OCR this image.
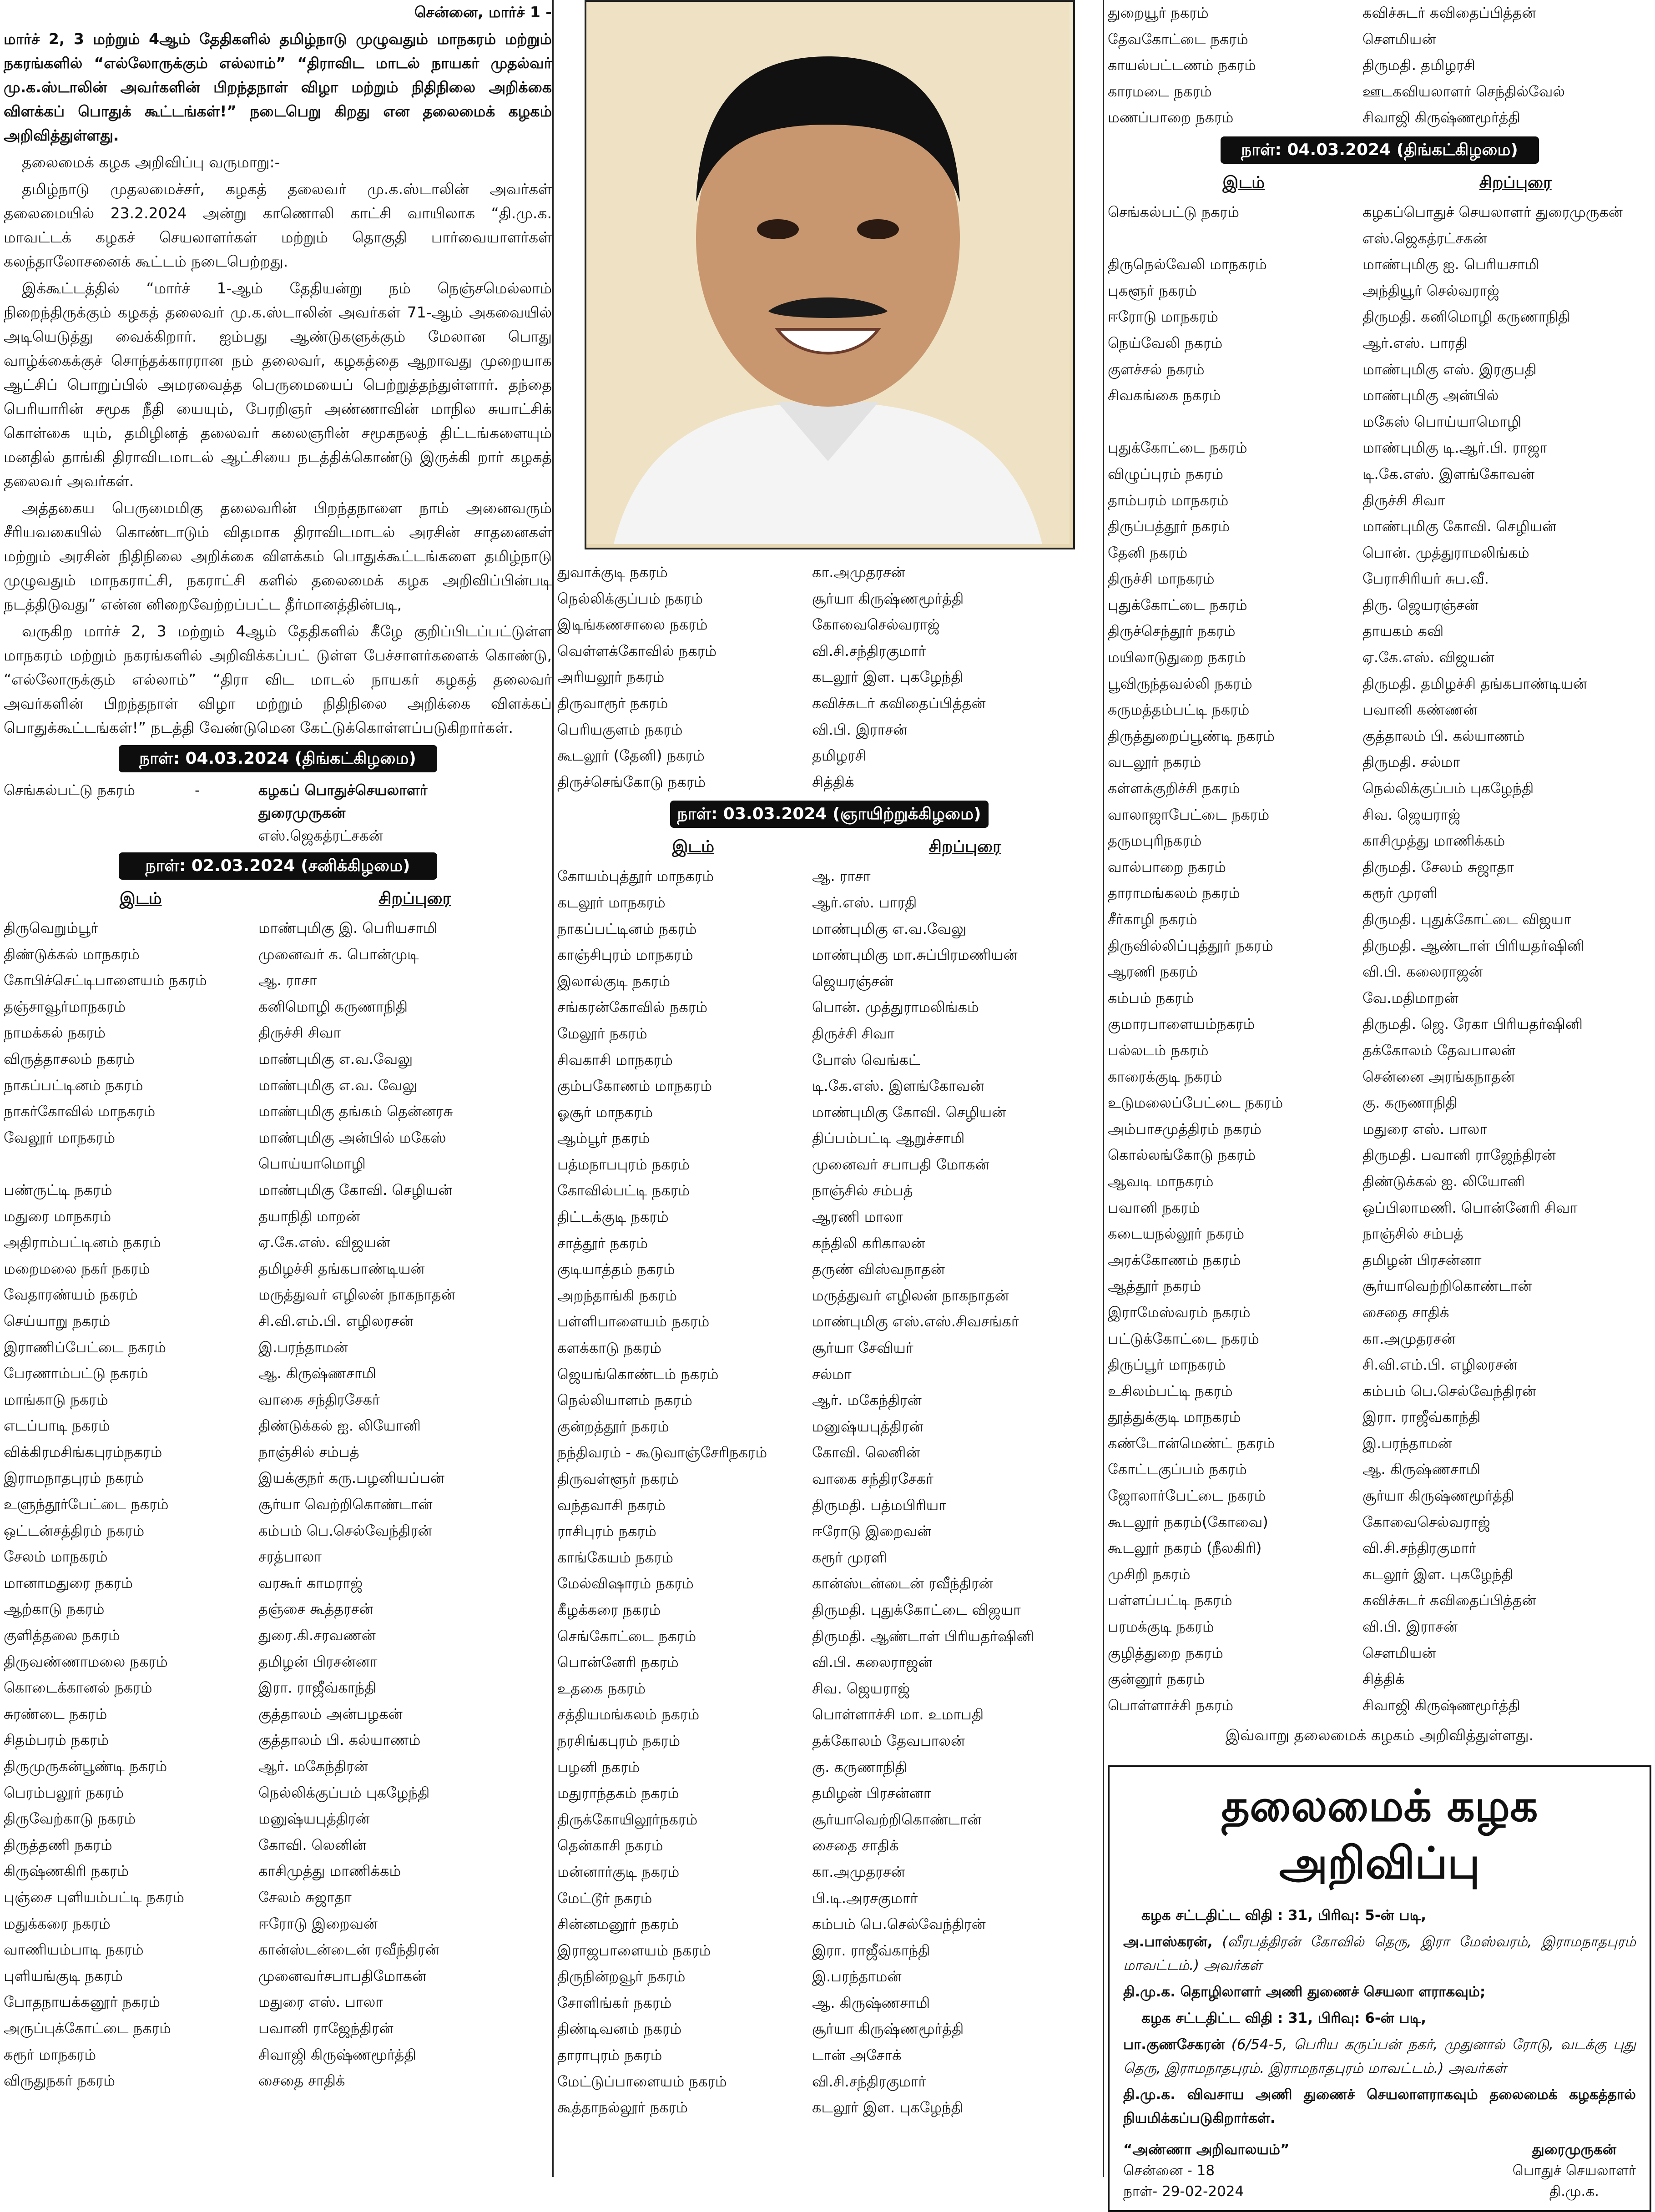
சென்னை, மார்ச் 1 -

மார்ச் 2, 3 மற்றும் 4ஆம் தேதிகளில் தமிழ்நாடு முழுவதும் மாநகரம் மற்றும் நகரங்களில் “எல்லோருக்கும் எல்லாம்” “திராவிட மாடல் நாயகர் முதல்வர் மு.க.ஸ்டாலின் அவர்களின் பிறந்தநாள் விழா மற்றும் நிதிநிலை அறிக்கை விளக்கப் பொதுக் கூட்டங்கள்!” நடைபெறு கிறது என தலைமைக் கழகம் அறிவித்துள்ளது.

தலைமைக் கழக அறிவிப்பு வருமாறு:-

தமிழ்நாடு முதலமைச்சர், கழகத் தலைவர் மு.க.ஸ்டாலின் அவர்கள் தலைமையில் 23.2.2024 அன்று காணொலி காட்சி வாயிலாக “தி.மு.க. மாவட்டக் கழகச் செயலாளர்கள் மற்றும் தொகுதி பார்வையாளர்கள் கலந்தாலோசனைக் கூட்டம் நடைபெற்றது.

இக்கூட்டத்தில் “மார்ச் 1-ஆம் தேதியன்று நம் நெஞ்சமெல்லாம் நிறைந்திருக்கும் கழகத் தலைவர் மு.க.ஸ்டாலின் அவர்கள் 71-ஆம் அகவையில் அடியெடுத்து வைக்கிறார். ஐம்பது ஆண்டுகளுக்கும் மேலான பொது வாழ்க்கைக்குச் சொந்தக்காரரான நம் தலைவர், கழகத்தை ஆறாவது முறையாக ஆட்சிப் பொறுப்பில் அமரவைத்த பெருமையைப் பெற்றுத்தந்துள்ளார். தந்தை பெரியாரின் சமூக நீதி யையும், பேரறிஞர் அண்ணாவின் மாநில சுயாட்சிக் கொள்கை யும், தமிழினத் தலைவர் கலைஞரின் சமூகநலத் திட்டங்களையும் மனதில் தாங்கி திராவிடமாடல் ஆட்சியை நடத்திக்கொண்டு இருக்கி றார் கழகத் தலைவர் அவர்கள்.

அத்தகைய பெருமைமிகு தலைவரின் பிறந்தநாளை நாம் அனைவரும் சீரியவகையில் கொண்டாடும் விதமாக திராவிடமாடல் அரசின் சாதனைகள் மற்றும் அரசின் நிதிநிலை அறிக்கை விளக்கம் பொதுக்கூட்டங்களை தமிழ்நாடு முழுவதும் மாநகராட்சி, நகராட்சி களில் தலைமைக் கழக அறிவிப்பின்படி நடத்திடுவது” என்ன னிறைவேற்றப்பட்ட தீர்மானத்தின்படி,

வருகிற மார்ச் 2, 3 மற்றும் 4ஆம் தேதிகளில் கீழே குறிப்பிடப்பட்டுள்ள மாநகரம் மற்றும் நகரங்களில் அறிவிக்கப்பட் டுள்ள பேச்சாளர்களைக் கொண்டு, “எல்லோருக்கும் எல்லாம்” “திரா விட மாடல் நாயகர் கழகத் தலைவர் அவர்களின் பிறந்தநாள் விழா மற்றும் நிதிநிலை அறிக்கை விளக்கப் பொதுக்கூட்டங்கள்!” நடத்தி வேண்டுமென கேட்டுக்கொள்ளப்படுகிறார்கள்.

நாள்: 04.03.2024 (திங்கட்கிழமை)
செங்கல்பட்டு நகரம்	-	கழகப் பொதுச்செயலாளர்
துரைமுருகன்
எஸ்.ஜெகத்ரட்சகன்
நாள்: 02.03.2024 (சனிக்கிழமை)
இடம்	சிறப்புரை
திருவெறும்பூர்	மாண்புமிகு இ. பெரியசாமி
திண்டுக்கல் மாநகரம்	முனைவர் க. பொன்முடி
கோபிச்செட்டிபாளையம் நகரம்	ஆ. ராசா
தஞ்சாவூர்மாநகரம்	கனிமொழி கருணாநிதி
நாமக்கல் நகரம்	திருச்சி சிவா
விருத்தாசலம் நகரம்	மாண்புமிகு எ.வ.வேலு
நாகப்பட்டினம் நகரம்	மாண்புமிகு எ.வ. வேலு
நாகர்கோவில் மாநகரம்	மாண்புமிகு தங்கம் தென்னரசு
வேலூர் மாநகரம்	மாண்புமிகு அன்பில் மகேஸ்
பொய்யாமொழி
பண்ருட்டி நகரம்	மாண்புமிகு கோவி. செழியன்
மதுரை மாநகரம்	தயாநிதி மாறன்
அதிராம்பட்டினம் நகரம்	ஏ.கே.எஸ். விஜயன்
மறைமலை நகர் நகரம்	தமிழச்சி தங்கபாண்டியன்
வேதாரண்யம் நகரம்	மருத்துவர் எழிலன் நாகநாதன்
செய்யாறு நகரம்	சி.வி.எம்.பி. எழிலரசன்
இராணிப்பேட்டை நகரம்	இ.பரந்தாமன்
பேரணாம்பட்டு நகரம்	ஆ. கிருஷ்ணசாமி
மாங்காடு நகரம்	வாகை சந்திரசேகர்
எடப்பாடி நகரம்	திண்டுக்கல் ஐ. லியோனி
விக்கிரமசிங்கபுரம்நகரம்	நாஞ்சில் சம்பத்
இராமநாதபுரம் நகரம்	இயக்குநர் கரு.பழனியப்பன்
உளுந்தூர்பேட்டை நகரம்	சூர்யா வெற்றிகொண்டான்
ஒட்டன்சத்திரம் நகரம்	கம்பம் பெ.செல்வேந்திரன்
சேலம் மாநகரம்	சரத்பாலா
மானாமதுரை நகரம்	வரகூர் காமராஜ்
ஆற்காடு நகரம்	தஞ்சை கூத்தரசன்
குளித்தலை நகரம்	துரை.கி.சரவணன்
திருவண்ணாமலை நகரம்	தமிழன் பிரசன்னா
கொடைக்கானல் நகரம்	இரா. ராஜீவ்காந்தி
சுரண்டை நகரம்	குத்தாலம் அன்பழகன்
சிதம்பரம் நகரம்	குத்தாலம் பி. கல்யாணம்
திருமுருகன்பூண்டி நகரம்	ஆர். மகேந்திரன்
பெரம்பலூர் நகரம்	நெல்லிக்குப்பம் புகழேந்தி
திருவேற்காடு நகரம்	மனுஷ்யபுத்திரன்
திருத்தணி நகரம்	கோவி. லெனின்
கிருஷ்ணகிரி நகரம்	காசிமுத்து மாணிக்கம்
புஞ்சை புளியம்பட்டி நகரம்	சேலம் சுஜாதா
மதுக்கரை நகரம்	ஈரோடு இறைவன்
வாணியம்பாடி நகரம்	கான்ஸ்டன்டைன் ரவீந்திரன்
புளியங்குடி நகரம்	முனைவர்சபாபதிமோகன்
போதநாயக்கனூர் நகரம்	மதுரை எஸ். பாலா
அருப்புக்கோட்டை நகரம்	பவானி ராஜேந்திரன்
கரூர் மாநகரம்	சிவாஜி கிருஷ்ணமூர்த்தி
விருதுநகர் நகரம்	சைதை சாதிக்
துவாக்குடி நகரம்	கா.அமுதரசன்
நெல்லிக்குப்பம் நகரம்	சூர்யா கிருஷ்ணமூர்த்தி
இடிங்கணசாலை நகரம்	கோவைசெல்வராஜ்
வெள்ளக்கோவில் நகரம்	வி.சி.சந்திரகுமார்
அரியலூர் நகரம்	கடலூர் இள. புகழேந்தி
திருவாரூர் நகரம்	கவிச்சுடர் கவிதைப்பித்தன்
பெரியகுளம் நகரம்	வி.பி. இராசன்
கூடலூர் (தேனி) நகரம்	தமிழரசி
திருச்செங்கோடு நகரம்	சித்திக்
நாள்: 03.03.2024 (ஞாயிற்றுக்கிழமை)
இடம்	சிறப்புரை
கோயம்புத்தூர் மாநகரம்	ஆ. ராசா
கடலூர் மாநகரம்	ஆர்.எஸ். பாரதி
நாகப்பட்டினம் நகரம்	மாண்புமிகு எ.வ.வேலு
காஞ்சிபுரம் மாநகரம்	மாண்புமிகு மா.சுப்பிரமணியன்
இலால்குடி நகரம்	ஜெயரஞ்சன்
சங்கரன்கோவில் நகரம்	பொன். முத்துராமலிங்கம்
மேலூர் நகரம்	திருச்சி சிவா
சிவகாசி மாநகரம்	போஸ் வெங்கட்
கும்பகோணம் மாநகரம்	டி.கே.எஸ். இளங்கோவன்
ஓசூர் மாநகரம்	மாண்புமிகு கோவி. செழியன்
ஆம்பூர் நகரம்	திப்பம்பட்டி ஆறுச்சாமி
பத்மநாபபுரம் நகரம்	முனைவர் சபாபதி மோகன்
கோவில்பட்டி நகரம்	நாஞ்சில் சம்பத்
திட்டக்குடி நகரம்	ஆரணி மாலா
சாத்தூர் நகரம்	கந்திலி கரிகாலன்
குடியாத்தம் நகரம்	தருண் விஸ்வநாதன்
அறந்தாங்கி நகரம்	மருத்துவர் எழிலன் நாகநாதன்
பள்ளிபாளையம் நகரம்	மாண்புமிகு எஸ்.எஸ்.சிவசங்கர்
களக்காடு நகரம்	சூர்யா சேவியர்
ஜெயங்கொண்டம் நகரம்	சல்மா
நெல்லியாளம் நகரம்	ஆர். மகேந்திரன்
குன்றத்தூர் நகரம்	மனுஷ்யபுத்திரன்
நந்திவரம் - கூடுவாஞ்சேரிநகரம்	கோவி. லெனின்
திருவள்ளூர் நகரம்	வாகை சந்திரசேகர்
வந்தவாசி நகரம்	திருமதி. பத்மபிரியா
ராசிபுரம் நகரம்	ஈரோடு இறைவன்
காங்கேயம் நகரம்	கரூர் முரளி
மேல்விஷாரம் நகரம்	கான்ஸ்டன்டைன் ரவீந்திரன்
கீழக்கரை நகரம்	திருமதி. புதுக்கோட்டை விஜயா
செங்கோட்டை நகரம்	திருமதி. ஆண்டாள் பிரியதர்ஷினி
பொன்னேரி நகரம்	வி.பி. கலைராஜன்
உதகை நகரம்	சிவ. ஜெயராஜ்
சத்தியமங்கலம் நகரம்	பொள்ளாச்சி மா. உமாபதி
நரசிங்கபுரம் நகரம்	தக்கோலம் தேவபாலன்
பழனி நகரம்	கு. கருணாநிதி
மதுராந்தகம் நகரம்	தமிழன் பிரசன்னா
திருக்கோயிலூர்நகரம்	சூர்யாவெற்றிகொண்டான்
தென்காசி நகரம்	சைதை சாதிக்
மன்னார்குடி நகரம்	கா.அமுதரசன்
மேட்டூர் நகரம்	பி.டி.அரசகுமார்
சின்னமனூர் நகரம்	கம்பம் பெ.செல்வேந்திரன்
இராஜபாளையம் நகரம்	இரா. ராஜீவ்காந்தி
திருநின்றவூர் நகரம்	இ.பரந்தாமன்
சோளிங்கர் நகரம்	ஆ. கிருஷ்ணசாமி
திண்டிவனம் நகரம்	சூர்யா கிருஷ்ணமூர்த்தி
தாராபுரம் நகரம்	டான் அசோக்
மேட்டுப்பாளையம் நகரம்	வி.சி.சந்திரகுமார்
கூத்தாநல்லூர் நகரம்	கடலூர் இள. புகழேந்தி
துறையூர் நகரம்	கவிச்சுடர் கவிதைப்பித்தன்
தேவகோட்டை நகரம்	சௌமியன்
காயல்பட்டணம் நகரம்	திருமதி. தமிழரசி
காரமடை நகரம்	ஊடகவியலாளர் செந்தில்வேல்
மணப்பாறை நகரம்	சிவாஜி கிருஷ்ணமூர்த்தி
நாள்: 04.03.2024 (திங்கட்கிழமை)
இடம்	சிறப்புரை
செங்கல்பட்டு நகரம்	கழகப்பொதுச் செயலாளர் துரைமுருகன்
எஸ்.ஜெகத்ரட்சகன்
திருநெல்வேலி மாநகரம்	மாண்புமிகு ஐ. பெரியசாமி
புகளூர் நகரம்	அந்தியூர் செல்வராஜ்
ஈரோடு மாநகரம்	திருமதி. கனிமொழி கருணாநிதி
நெய்வேலி நகரம்	ஆர்.எஸ். பாரதி
குளச்சல் நகரம்	மாண்புமிகு எஸ். இரகுபதி
சிவகங்கை நகரம்	மாண்புமிகு அன்பில்
மகேஸ் பொய்யாமொழி
புதுக்கோட்டை நகரம்	மாண்புமிகு டி.ஆர்.பி. ராஜா
விழுப்புரம் நகரம்	டி.கே.எஸ். இளங்கோவன்
தாம்பரம் மாநகரம்	திருச்சி சிவா
திருப்பத்தூர் நகரம்	மாண்புமிகு கோவி. செழியன்
தேனி நகரம்	பொன். முத்துராமலிங்கம்
திருச்சி மாநகரம்	பேராசிரியர் சுப.வீ.
புதுக்கோட்டை நகரம்	திரு. ஜெயரஞ்சன்
திருச்செந்தூர் நகரம்	தாயகம் கவி
மயிலாடுதுறை நகரம்	ஏ.கே.எஸ். விஜயன்
பூவிருந்தவல்லி நகரம்	திருமதி. தமிழச்சி தங்கபாண்டியன்
கருமத்தம்பட்டி நகரம்	பவானி கண்ணன்
திருத்துறைப்பூண்டி நகரம்	குத்தாலம் பி. கல்யாணம்
வடலூர் நகரம்	திருமதி. சல்மா
கள்ளக்குறிச்சி நகரம்	நெல்லிக்குப்பம் புகழேந்தி
வாலாஜாபேட்டை நகரம்	சிவ. ஜெயராஜ்
தருமபுரிநகரம்	காசிமுத்து மாணிக்கம்
வால்பாறை நகரம்	திருமதி. சேலம் சுஜாதா
தாராமங்கலம் நகரம்	கரூர் முரளி
சீர்காழி நகரம்	திருமதி. புதுக்கோட்டை விஜயா
திருவில்லிப்புத்தூர் நகரம்	திருமதி. ஆண்டாள் பிரியதர்ஷினி
ஆரணி நகரம்	வி.பி. கலைராஜன்
கம்பம் நகரம்	வே.மதிமாறன்
குமாரபாளையம்நகரம்	திருமதி. ஜெ. ரேகா பிரியதர்ஷினி
பல்லடம் நகரம்	தக்கோலம் தேவபாலன்
காரைக்குடி நகரம்	சென்னை அரங்கநாதன்
உடுமலைப்பேட்டை நகரம்	கு. கருணாநிதி
அம்பாசமுத்திரம் நகரம்	மதுரை எஸ். பாலா
கொல்லங்கோடு நகரம்	திருமதி. பவானி ராஜேந்திரன்
ஆவடி மாநகரம்	திண்டுக்கல் ஐ. லியோனி
பவானி நகரம்	ஒப்பிலாமணி. பொன்னேரி சிவா
கடையநல்லூர் நகரம்	நாஞ்சில் சம்பத்
அரக்கோணம் நகரம்	தமிழன் பிரசன்னா
ஆத்தூர் நகரம்	சூர்யாவெற்றிகொண்டான்
இராமேஸ்வரம் நகரம்	சைதை சாதிக்
பட்டுக்கோட்டை நகரம்	கா.அமுதரசன்
திருப்பூர் மாநகரம்	சி.வி.எம்.பி. எழிலரசன்
உசிலம்பட்டி நகரம்	கம்பம் பெ.செல்வேந்திரன்
தூத்துக்குடி மாநகரம்	இரா. ராஜீவ்காந்தி
கண்டோன்மெண்ட் நகரம்	இ.பரந்தாமன்
கோட்டகுப்பம் நகரம்	ஆ. கிருஷ்ணசாமி
ஜோலார்பேட்டை நகரம்	சூர்யா கிருஷ்ணமூர்த்தி
கூடலூர் நகரம்(கோவை)	கோவைசெல்வராஜ்
கூடலூர் நகரம் (நீலகிரி)	வி.சி.சந்திரகுமார்
முசிறி நகரம்	கடலூர் இள. புகழேந்தி
பள்ளப்பட்டி நகரம்	கவிச்சுடர் கவிதைப்பித்தன்
பரமக்குடி நகரம்	வி.பி. இராசன்
குழித்துறை நகரம்	சௌமியன்
குன்னூர் நகரம்	சித்திக்
பொள்ளாச்சி நகரம்	சிவாஜி கிருஷ்ணமூர்த்தி

இவ்வாறு தலைமைக் கழகம் அறிவித்துள்ளது.

தலைமைக் கழக அறிவிப்பு

கழக சட்டதிட்ட விதி : 31, பிரிவு: 5-ன் படி,

அ.பாஸ்கரன், (வீரபத்திரன் கோவில் தெரு, இரா மேஸ்வரம், இராமநாதபுரம் மாவட்டம்.) அவர்கள்

தி.மு.க. தொழிலாளர் அணி துணைச் செயலா ளராகவும்;

கழக சட்டதிட்ட விதி : 31, பிரிவு: 6-ன் படி,

பா.குணசேகரன் (6/54-5, பெரிய கருப்பன் நகர், முதுனால் ரோடு, வடக்கு புது தெரு, இராமநாதபுரம். இராமநாதபுரம் மாவட்டம்.) அவர்கள்

தி.மு.க. விவசாய அணி துணைச் செயலாளராகவும் தலைமைக் கழகத்தால் நியமிக்கப்படுகிறார்கள்.

“அண்ணா அறிவாலயம்”
சென்னை - 18
நாள்- 29-02-2024
துரைமுருகன்
பொதுச் செயலாளர்
தி.மு.க.
